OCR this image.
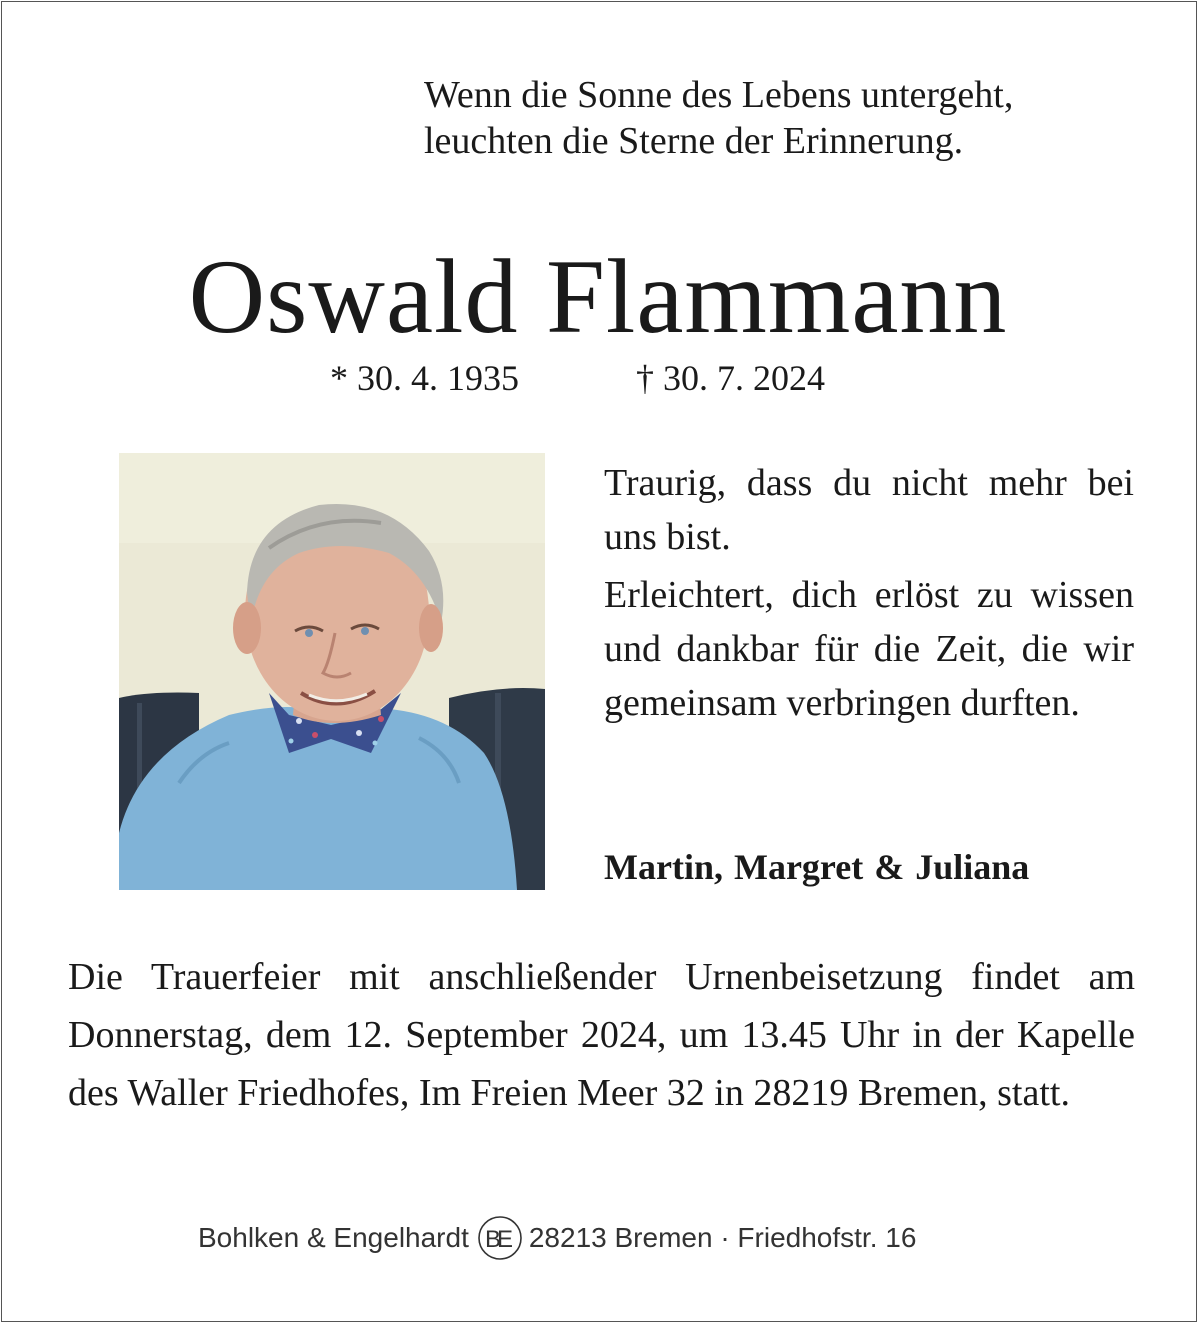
Wenn die Sonne des Lebens untergeht,
leuchten die Sterne der Erinnerung.
Oswald Flammann
* 30. 4. 1935	† 30. 7. 2024

Traurig, dass du nicht mehr bei uns bist.

Erleichtert, dich erlöst zu wissen und dankbar für die Zeit, die wir gemeinsam verbringen durften.

Martin, Margret & Juliana

Die Trauerfeier mit anschließender Urnenbeisetzung findet am Donnerstag, dem 12. September 2024, um 13.45 Uhr in der Kapelle des Waller Friedhofes, Im Freien Meer 32 in 28219 Bremen, statt.

Bohlken & Engelhardt B
E 28213 Bremen · Friedhofstr. 16
